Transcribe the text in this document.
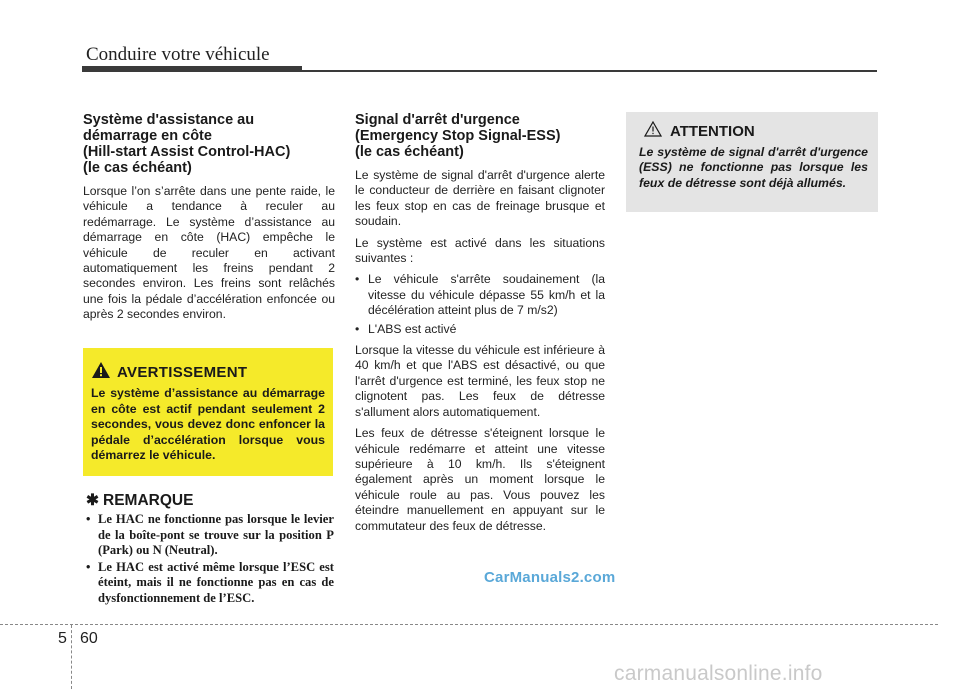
Conduire votre véhicule
Système d'assistance au
démarrage en côte
(Hill-start Assist Control-HAC)
(le cas échéant)

Lorsque l’on s’arrête dans une pente raide, le véhicule a tendance à reculer au redémarrage. Le système d’assistance au démarrage en côte (HAC) empêche le véhicule de reculer en activant automatiquement les freins pendant 2 secondes environ. Les freins sont relâchés une fois la pédale d’accélération enfoncée ou après 2 secondes environ.

AVERTISSEMENT
Le système d’assistance au démarrage en côte est actif pendant seulement 2 secondes, vous devez donc enfoncer la pédale d’accélération lorsque vous démarrez le véhicule.
✱ REMARQUE
• Le HAC ne fonctionne pas lorsque le levier de la boîte-pont se trouve sur la position P (Park) ou N (Neutral).
• Le HAC est activé même lorsque l’ESC est éteint, mais il ne fonctionne pas en cas de dysfonctionnement de l’ESC.
Signal d'arrêt d'urgence
(Emergency Stop Signal-ESS)
(le cas échéant)

Le système de signal d'arrêt d'urgence alerte le conducteur de derrière en faisant clignoter les feux stop en cas de freinage brusque et soudain.

Le système est activé dans les situations suivantes :

• Le véhicule s'arrête soudainement (la vitesse du véhicule dépasse 55 km/h et la décélération atteint plus de 7 m/s2)
• L'ABS est activé

Lorsque la vitesse du véhicule est inférieure à 40 km/h et que l'ABS est désactivé, ou que l'arrêt d'urgence est terminé, les feux stop ne clignotent pas. Les feux de détresse s'allument alors automatiquement.

Les feux de détresse s'éteignent lorsque le véhicule redémarre et atteint une vitesse supérieure à 10 km/h. Ils s'éteignent également après un moment lorsque le véhicule roule au pas. Vous pouvez les éteindre manuellement en appuyant sur le commutateur des feux de détresse.

ATTENTION
Le système de signal d'arrêt d'urgence (ESS) ne fonctionne pas lorsque les feux de détresse sont déjà allumés.
CarManuals2.com
5 60
carmanualsonline.info
